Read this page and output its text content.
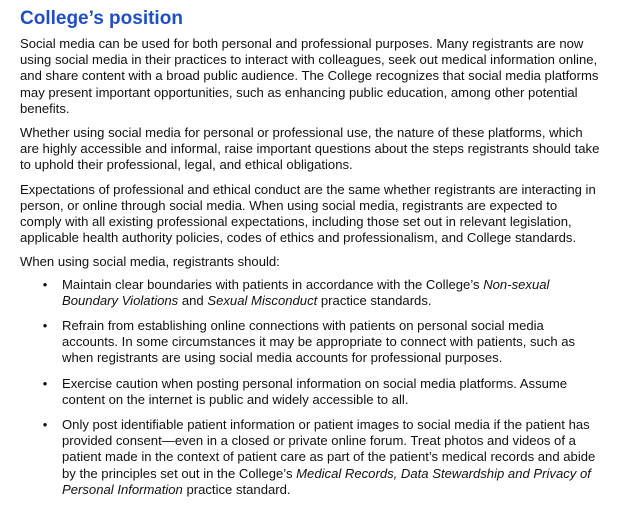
College’s position

Social media can be used for both personal and professional purposes. Many registrants are now using social media in their practices to interact with colleagues, seek out medical information online, and share content with a broad public audience. The College recognizes that social media platforms may present important opportunities, such as enhancing public education, among other potential benefits.

Whether using social media for personal or professional use, the nature of these platforms, which are highly accessible and informal, raise important questions about the steps registrants should take to uphold their professional, legal, and ethical obligations.

Expectations of professional and ethical conduct are the same whether registrants are interacting in person, or online through social media. When using social media, registrants are expected to comply with all existing professional expectations, including those set out in relevant legislation, applicable health authority policies, codes of ethics and professionalism, and College standards.

When using social media, registrants should:

• Maintain clear boundaries with patients in accordance with the College’s Non-sexual Boundary Violations and Sexual Misconduct practice standards.
• Refrain from establishing online connections with patients on personal social media accounts. In some circumstances it may be appropriate to connect with patients, such as when registrants are using social media accounts for professional purposes.
• Exercise caution when posting personal information on social media platforms. Assume content on the internet is public and widely accessible to all.
• Only post identifiable patient information or patient images to social media if the patient has provided consent—even in a closed or private online forum. Treat photos and videos of a patient made in the context of patient care as part of the patient’s medical records and abide by the principles set out in the College’s Medical Records, Data Stewardship and Privacy of Personal Information practice standard.
